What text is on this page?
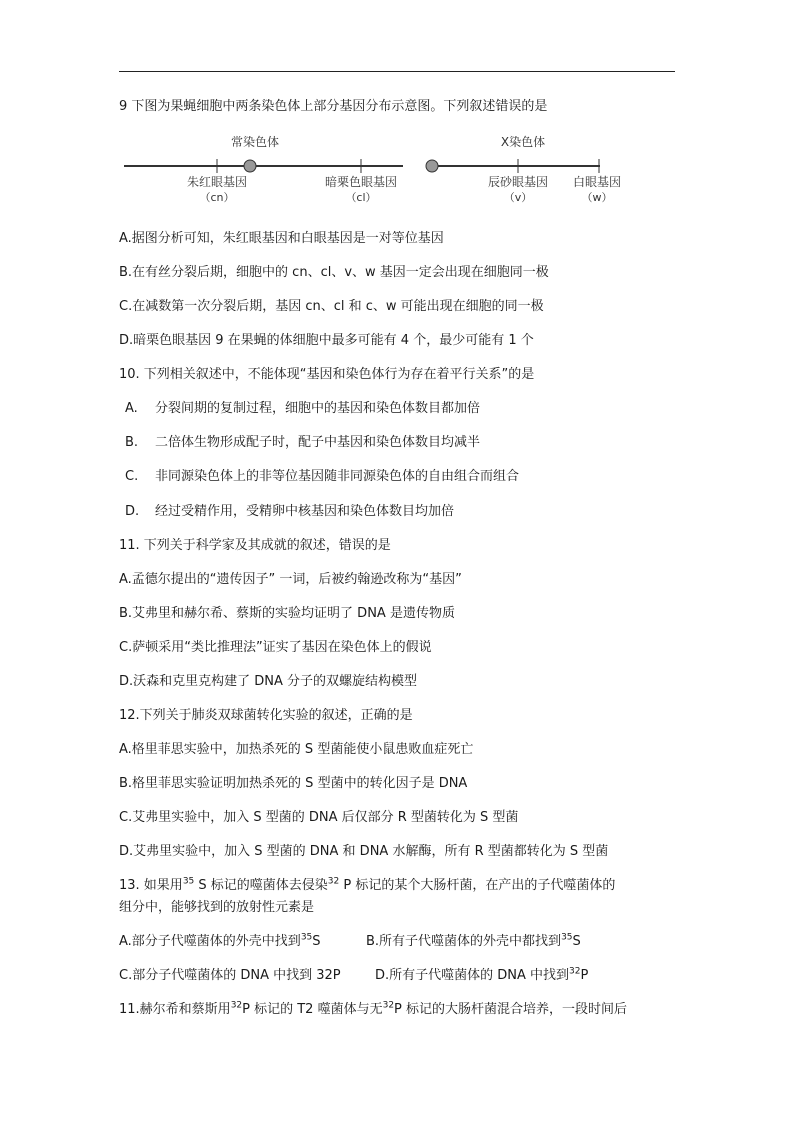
9 下图为果蝇细胞中两条染色体上部分基因分布示意图。下列叙述错误的是
常染色体	X染色体
朱红眼基因
（cn）
暗栗色眼基因
（cl）
辰砂眼基因
（v）
白眼基因
（w）
A.据图分析可知，朱红眼基因和白眼基因是一对等位基因
B.在有丝分裂后期，细胞中的 cn、cl、v、w 基因一定会出现在细胞同一极
C.在减数第一次分裂后期，基因 cn、cl 和 c、w 可能出现在细胞的同一极
D.暗栗色眼基因 9 在果蝇的体细胞中最多可能有 4 个，最少可能有 1 个
10. 下列相关叙述中，不能体现“基因和染色体行为存在着平行关系”的是
A. 分裂间期的复制过程，细胞中的基因和染色体数目都加倍
B. 二倍体生物形成配子时，配子中基因和染色体数目均减半
C. 非同源染色体上的非等位基因随非同源染色体的自由组合而组合
D. 经过受精作用，受精卵中核基因和染色体数目均加倍
11. 下列关于科学家及其成就的叙述，错误的是
A.孟德尔提出的“遗传因子” 一词，后被约翰逊改称为“基因”
B.艾弗里和赫尔希、蔡斯的实验均证明了 DNA 是遗传物质
C.萨顿采用“类比推理法”证实了基因在染色体上的假说
D.沃森和克里克构建了 DNA 分子的双螺旋结构模型
12.下列关于肺炎双球菌转化实验的叙述，正确的是
A.格里菲思实验中，加热杀死的 S 型菌能使小鼠患败血症死亡
B.格里菲思实验证明加热杀死的 S 型菌中的转化因子是 DNA
C.艾弗里实验中，加入 S 型菌的 DNA 后仅部分 R 型菌转化为 S 型菌
D.艾弗里实验中，加入 S 型菌的 DNA 和 DNA 水解酶，所有 R 型菌都转化为 S 型菌
13. 如果用$^{35}$ S 标记的噬菌体去侵染$^{32}$ P 标记的某个大肠杆菌，在产出的子代噬菌体的
组分中，能够找到的放射性元素是
A.部分子代噬菌体的外壳中找到$^{35}$S	B.所有子代噬菌体的外壳中都找到$^{35}$S
C.部分子代噬菌体的 DNA 中找到 32P	D.所有子代噬菌体的 DNA 中找到$^{32}$P
11.赫尔希和蔡斯用$^{32}$P 标记的 T2 噬菌体与无$^{32}$P 标记的大肠杆菌混合培养，一段时间后
